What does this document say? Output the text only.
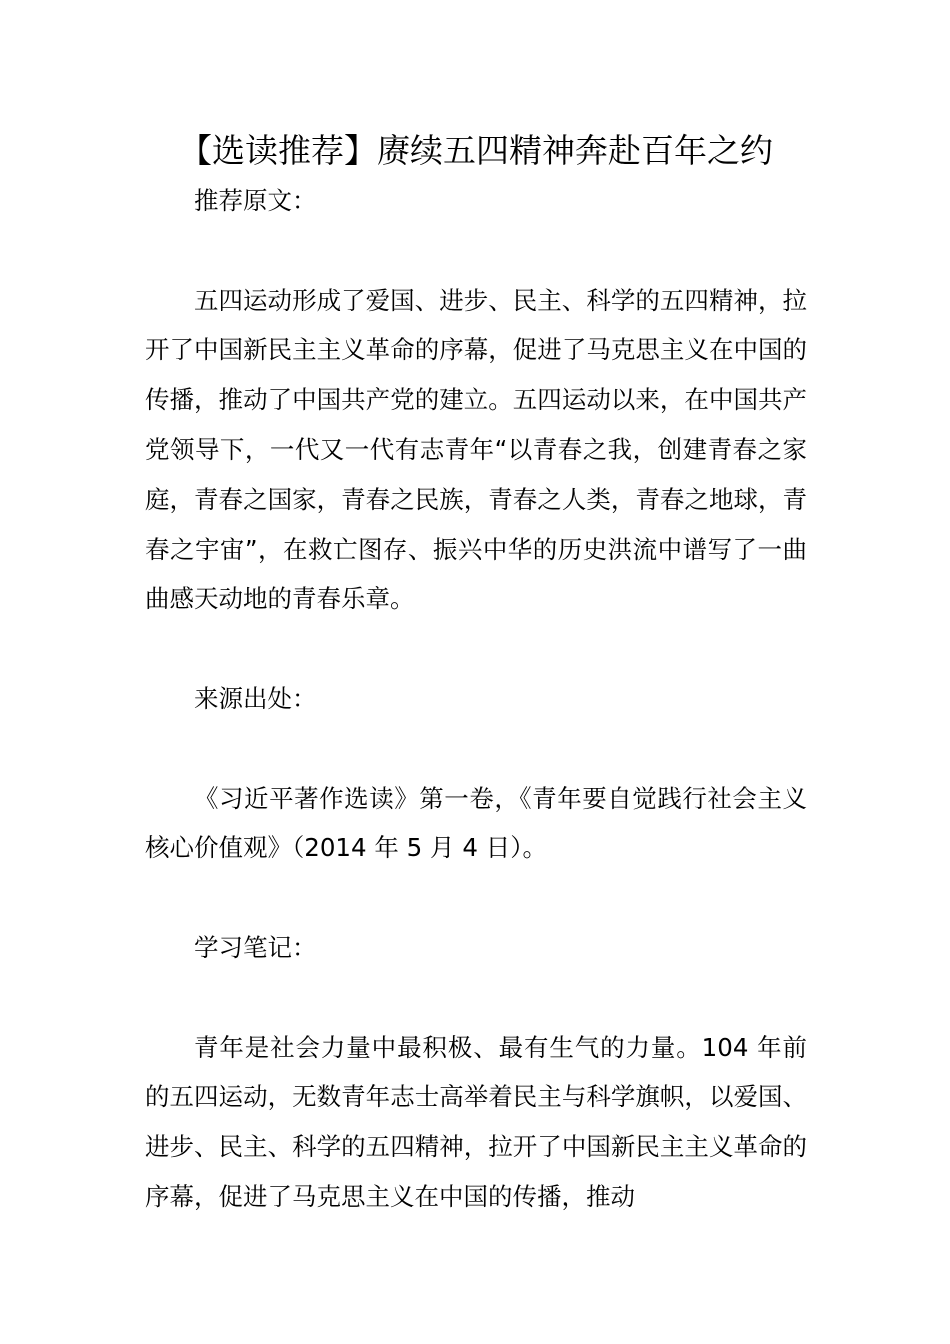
【选读推荐】赓续五四精神奔赴百年之约

推荐原文：

五四运动形成了爱国、进步、民主、科学的五四精神，拉开了中国新民主主义革命的序幕，促进了马克思主义在中国的传播，推动了中国共产党的建立。五四运动以来，在中国共产党领导下，一代又一代有志青年“以青春之我，创建青春之家庭，青春之国家，青春之民族，青春之人类，青春之地球，青春之宇宙”，在救亡图存、振兴中华的历史洪流中谱写了一曲曲感天动地的青春乐章。

来源出处：

《习近平著作选读》第一卷，《青年要自觉践行社会主义核心价值观》（2014 年 5 月 4 日）。

学习笔记：

青年是社会力量中最积极、最有生气的力量。104 年前的五四运动，无数青年志士高举着民主与科学旗帜，以爱国、进步、民主、科学的五四精神，拉开了中国新民主主义革命的序幕，促进了马克思主义在中国的传播，推动
